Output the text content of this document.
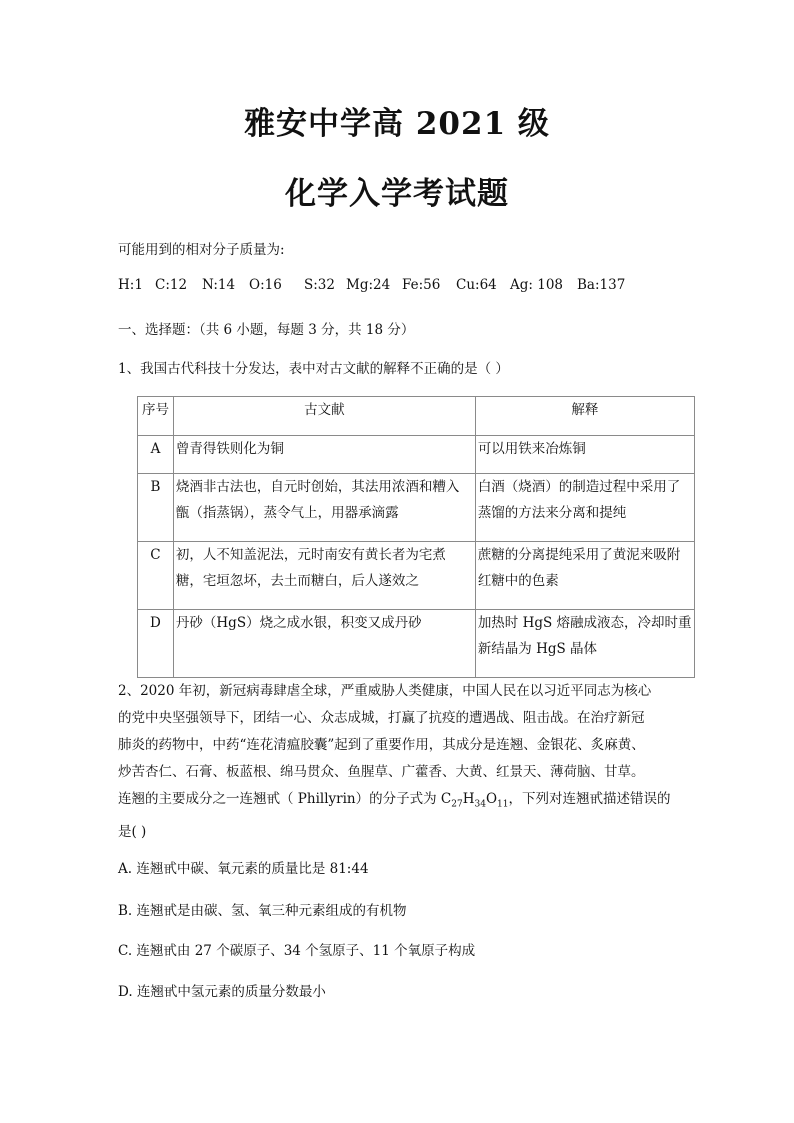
雅安中学高 2021 级
化学入学考试题
可能用到的相对分子质量为:
H:1 C:12 N:14 O:16 S:32 Mg:24 Fe:56 Cu:64 Ag: 108 Ba:137
一、选择题：（共 6 小题，每题 3 分，共 18 分）
1、我国古代科技十分发达，表中对古文献的解释不正确的是（ ）
序号	古文献	解释
A	曾青得铁则化为铜	可以用铁来冶炼铜
B	烧酒非古法也，自元时创始，其法用浓酒和糟入甑（指蒸锅），蒸令气上，用器承滴露	白酒（烧酒）的制造过程中采用了蒸馏的方法来分离和提纯
C	初，人不知盖泥法，元时南安有黄长者为宅煮糖，宅垣忽坏，去土而糖白，后人遂效之	蔗糖的分离提纯采用了黄泥来吸附红糖中的色素
D	丹砂（HgS）烧之成水银，积变又成丹砂	加热时 HgS 熔融成液态，冷却时重新结晶为 HgS 晶体

2、2020 年初，新冠病毒肆虐全球，严重威胁人类健康，中国人民在以习近平同志为核心

的党中央坚强领导下，团结一心、众志成城，打赢了抗疫的遭遇战、阻击战。在治疗新冠

肺炎的药物中，中药“连花清瘟胶囊”起到了重要作用，其成分是连翘、金银花、炙麻黄、

炒苦杏仁、石膏、板蓝根、绵马贯众、鱼腥草、广藿香、大黄、红景天、薄荷脑、甘草。

连翘的主要成分之一连翘甙（ Phillyrin）的分子式为 $C_{27}H_{34}O_{11}$，下列对连翘甙描述错误的

是( )

A. 连翘甙中碳、氧元素的质量比是 81:44
B. 连翘甙是由碳、氢、氧三种元素组成的有机物
C. 连翘甙由 27 个碳原子、34 个氢原子、11 个氧原子构成
D. 连翘甙中氢元素的质量分数最小
